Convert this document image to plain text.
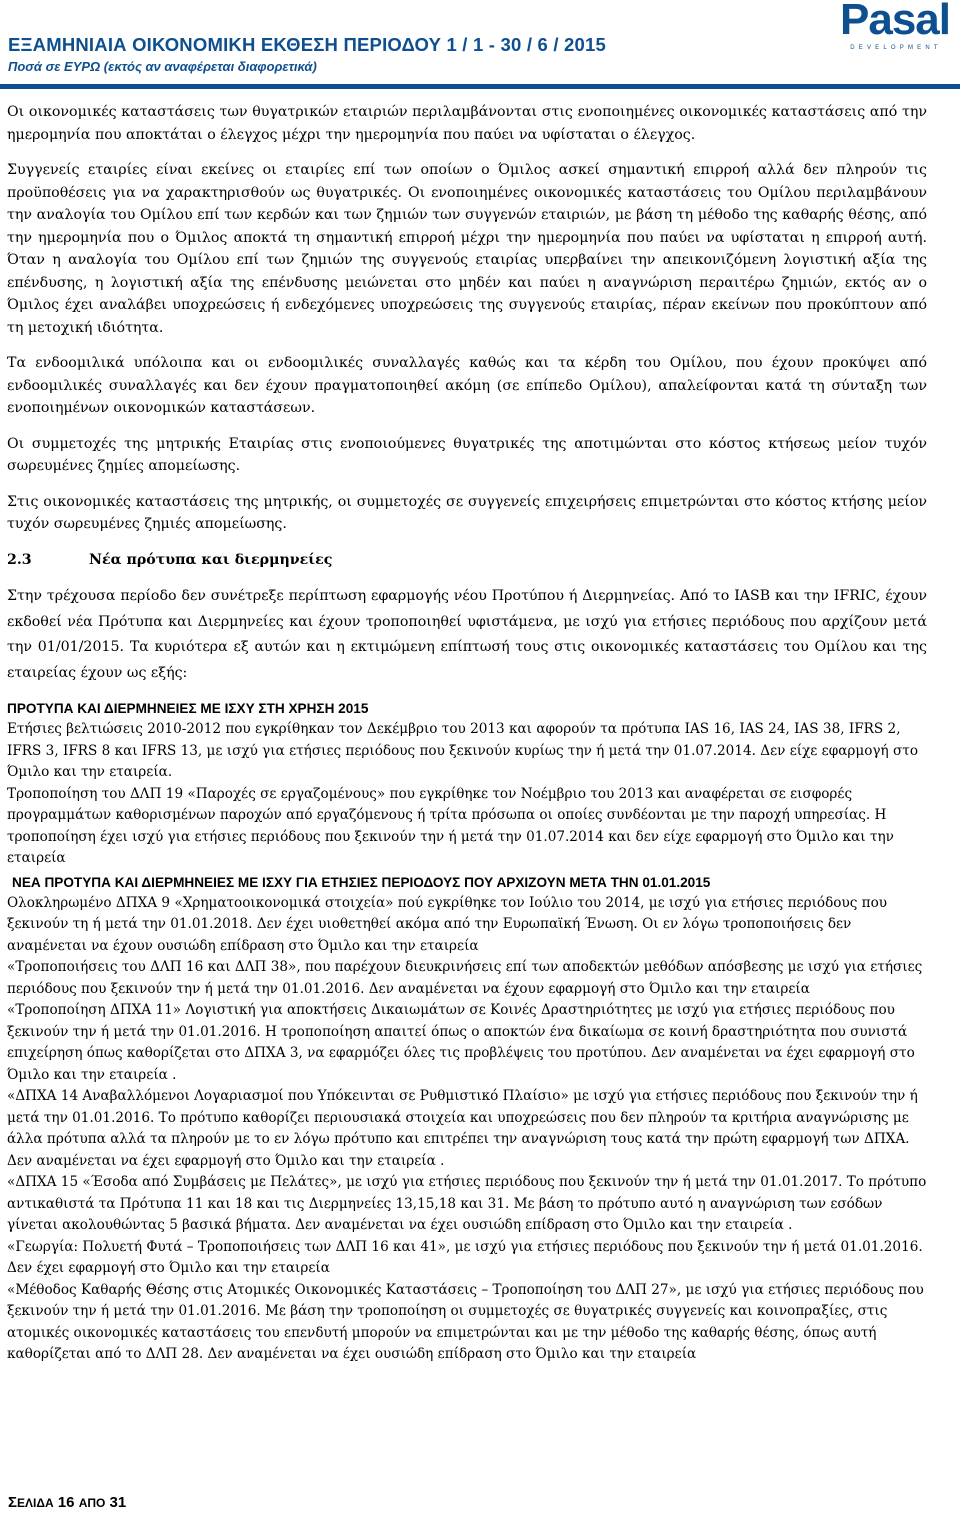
ΕΞΑΜΗΝΙΑΙΑ ΟΙΚΟΝΟΜΙΚΗ ΕΚΘΕΣΗ ΠΕΡΙΟΔΟΥ 1 / 1 - 30 / 6 / 2015
Ποσά σε ΕΥΡΩ (εκτός αν αναφέρεται διαφορετικά)
Pasal
DEVELOPMENT

Οι οικονομικές καταστάσεις των θυγατρικών εταιριών περιλαμβάνονται στις ενοποιημένες οικονομικές καταστάσεις από την ημερομηνία που αποκτάται ο έλεγχος μέχρι την ημερομηνία που παύει να υφίσταται ο έλεγχος.

Συγγενείς εταιρίες είναι εκείνες οι εταιρίες επί των οποίων ο Όμιλος ασκεί σημαντική επιρροή αλλά δεν πληρούν τις προϋποθέσεις για να χαρακτηρισθούν ως θυγατρικές. Οι ενοποιημένες οικονομικές καταστάσεις του Ομίλου περιλαμβάνουν την αναλογία του Ομίλου επί των κερδών και των ζημιών των συγγενών εταιριών, με βάση τη μέθοδο της καθαρής θέσης, από την ημερομηνία που ο Όμιλος αποκτά τη σημαντική επιρροή μέχρι την ημερομηνία που παύει να υφίσταται η επιρροή αυτή. Όταν η αναλογία του Ομίλου επί των ζημιών της συγγενούς εταιρίας υπερβαίνει την απεικονιζόμενη λογιστική αξία της επένδυσης, η λογιστική αξία της επένδυσης μειώνεται στο μηδέν και παύει η αναγνώριση περαιτέρω ζημιών, εκτός αν ο Όμιλος έχει αναλάβει υποχρεώσεις ή ενδεχόμενες υποχρεώσεις της συγγενούς εταιρίας, πέραν εκείνων που προκύπτουν από τη μετοχική ιδιότητα.

Τα ενδοομιλικά υπόλοιπα και οι ενδοομιλικές συναλλαγές καθώς και τα κέρδη του Ομίλου, που έχουν προκύψει από ενδοομιλικές συναλλαγές και δεν έχουν πραγματοποιηθεί ακόμη (σε επίπεδο Ομίλου), απαλείφονται κατά τη σύνταξη των ενοποιημένων οικονομικών καταστάσεων.

Οι συμμετοχές της μητρικής Εταιρίας στις ενοποιούμενες θυγατρικές της αποτιμώνται στο κόστος κτήσεως μείον τυχόν σωρευμένες ζημίες απομείωσης.

Στις οικονομικές καταστάσεις της μητρικής, οι συμμετοχές σε συγγενείς επιχειρήσεις επιμετρώνται στο κόστος κτήσης μείον τυχόν σωρευμένες ζημιές απομείωσης.

2.3	Νέα πρότυπα και διερμηνείες

Στην τρέχουσα περίοδο δεν συνέτρεξε περίπτωση εφαρμογής νέου Προτύπου ή Διερμηνείας. Από το IASB και την IFRIC, έχουν εκδοθεί νέα Πρότυπα και Διερμηνείες και έχουν τροποποιηθεί υφιστάμενα, με ισχύ για ετήσιες περιόδους που αρχίζουν μετά την 01/01/2015. Τα κυριότερα εξ αυτών και η εκτιμώμενη επίπτωσή τους στις οικονομικές καταστάσεις του Ομίλου και της εταιρείας έχουν ως εξής:

ΠΡΟΤΥΠΑ ΚΑΙ ΔΙΕΡΜΗΝΕΙΕΣ ΜΕ ΙΣΧΥ ΣΤΗ ΧΡΗΣΗ 2015

Ετήσιες βελτιώσεις 2010-2012 που εγκρίθηκαν τον Δεκέμβριο του 2013 και αφορούν τα πρότυπα IAS 16, IAS 24, IAS 38, IFRS 2, IFRS 3, IFRS 8 και IFRS 13, με ισχύ για ετήσιες περιόδους που ξεκινούν κυρίως την ή μετά την 01.07.2014. Δεν είχε εφαρμογή στο Όμιλο και την εταιρεία.

Τροποποίηση του ΔΛΠ 19 «Παροχές σε εργαζομένους» που εγκρίθηκε τον Νοέμβριο του 2013 και αναφέρεται σε εισφορές προγραμμάτων καθορισμένων παροχών από εργαζόμενους ή τρίτα πρόσωπα οι οποίες συνδέονται με την παροχή υπηρεσίας. Η τροποποίηση έχει ισχύ για ετήσιες περιόδους που ξεκινούν την ή μετά την 01.07.2014 και δεν είχε εφαρμογή στο Όμιλο και την εταιρεία

ΝΕΑ ΠΡΟΤΥΠΑ ΚΑΙ ΔΙΕΡΜΗΝΕΙΕΣ ΜΕ ΙΣΧΥ ΓΙΑ ΕΤΗΣΙΕΣ ΠΕΡΙΟΔΟΥΣ ΠΟΥ ΑΡΧΙΖΟΥΝ ΜΕΤΑ ΤΗΝ 01.01.2015

Ολοκληρωμένο ΔΠΧΑ 9 «Χρηματοοικονομικά στοιχεία» πού εγκρίθηκε τον Ιούλιο του 2014, με ισχύ για ετήσιες περιόδους που ξεκινούν τη ή μετά την 01.01.2018. Δεν έχει υιοθετηθεί ακόμα από την Ευρωπαϊκή Ένωση. Οι εν λόγω τροποποιήσεις δεν αναμένεται να έχουν ουσιώδη επίδραση στο Όμιλο και την εταιρεία

«Τροποποιήσεις του ΔΛΠ 16 και ΔΛΠ 38», που παρέχουν διευκρινήσεις επί των αποδεκτών μεθόδων απόσβεσης με ισχύ για ετήσιες περιόδους που ξεκινούν την ή μετά την 01.01.2016. Δεν αναμένεται να έχουν εφαρμογή στο Όμιλο και την εταιρεία

«Τροποποίηση ΔΠΧΑ 11» Λογιστική για αποκτήσεις Δικαιωμάτων σε Κοινές Δραστηριότητες με ισχύ για ετήσιες περιόδους που ξεκινούν την ή μετά την 01.01.2016. Η τροποποίηση απαιτεί όπως ο αποκτών ένα δικαίωμα σε κοινή δραστηριότητα που συνιστά επιχείρηση όπως καθορίζεται στο ΔΠΧΑ 3, να εφαρμόζει όλες τις προβλέψεις του προτύπου. Δεν αναμένεται να έχει εφαρμογή στο Όμιλο και την εταιρεία .

«ΔΠΧΑ 14 Αναβαλλόμενοι Λογαριασμοί που Υπόκεινται σε Ρυθμιστικό Πλαίσιο» με ισχύ για ετήσιες περιόδους που ξεκινούν την ή μετά την 01.01.2016. Το πρότυπο καθορίζει περιουσιακά στοιχεία και υποχρεώσεις που δεν πληρούν τα κριτήρια αναγνώρισης με άλλα πρότυπα αλλά τα πληρούν με το εν λόγω πρότυπο και επιτρέπει την αναγνώριση τους κατά την πρώτη εφαρμογή των ΔΠΧΑ. Δεν αναμένεται να έχει εφαρμογή στο Όμιλο και την εταιρεία .

«ΔΠΧΑ 15 «Έσοδα από Συμβάσεις με Πελάτες», με ισχύ για ετήσιες περιόδους που ξεκινούν την ή μετά την 01.01.2017. Το πρότυπο αντικαθιστά τα Πρότυπα 11 και 18 και τις Διερμηνείες 13,15,18 και 31. Με βάση το πρότυπο αυτό η αναγνώριση των εσόδων γίνεται ακολουθώντας 5 βασικά βήματα. Δεν αναμένεται να έχει ουσιώδη επίδραση στο Όμιλο και την εταιρεία .

«Γεωργία: Πολυετή Φυτά – Τροποποιήσεις των ΔΛΠ 16 και 41», με ισχύ για ετήσιες περιόδους που ξεκινούν την ή μετά 01.01.2016. Δεν έχει εφαρμογή στο Όμιλο και την εταιρεία

«Μέθοδος Καθαρής Θέσης στις Ατομικές Οικονομικές Καταστάσεις – Τροποποίηση του ΔΛΠ 27», με ισχύ για ετήσιες περιόδους που ξεκινούν την ή μετά την 01.01.2016. Με βάση την τροποποίηση οι συμμετοχές σε θυγατρικές συγγενείς και κοινοπραξίες, στις ατομικές οικονομικές καταστάσεις του επενδυτή μπορούν να επιμετρώνται και με την μέθοδο της καθαρής θέσης, όπως αυτή καθορίζεται από το ΔΛΠ 28. Δεν αναμένεται να έχει ουσιώδη επίδραση στο Όμιλο και την εταιρεία

ΣΕΛΙΔΑ 16 ΑΠΟ 31
